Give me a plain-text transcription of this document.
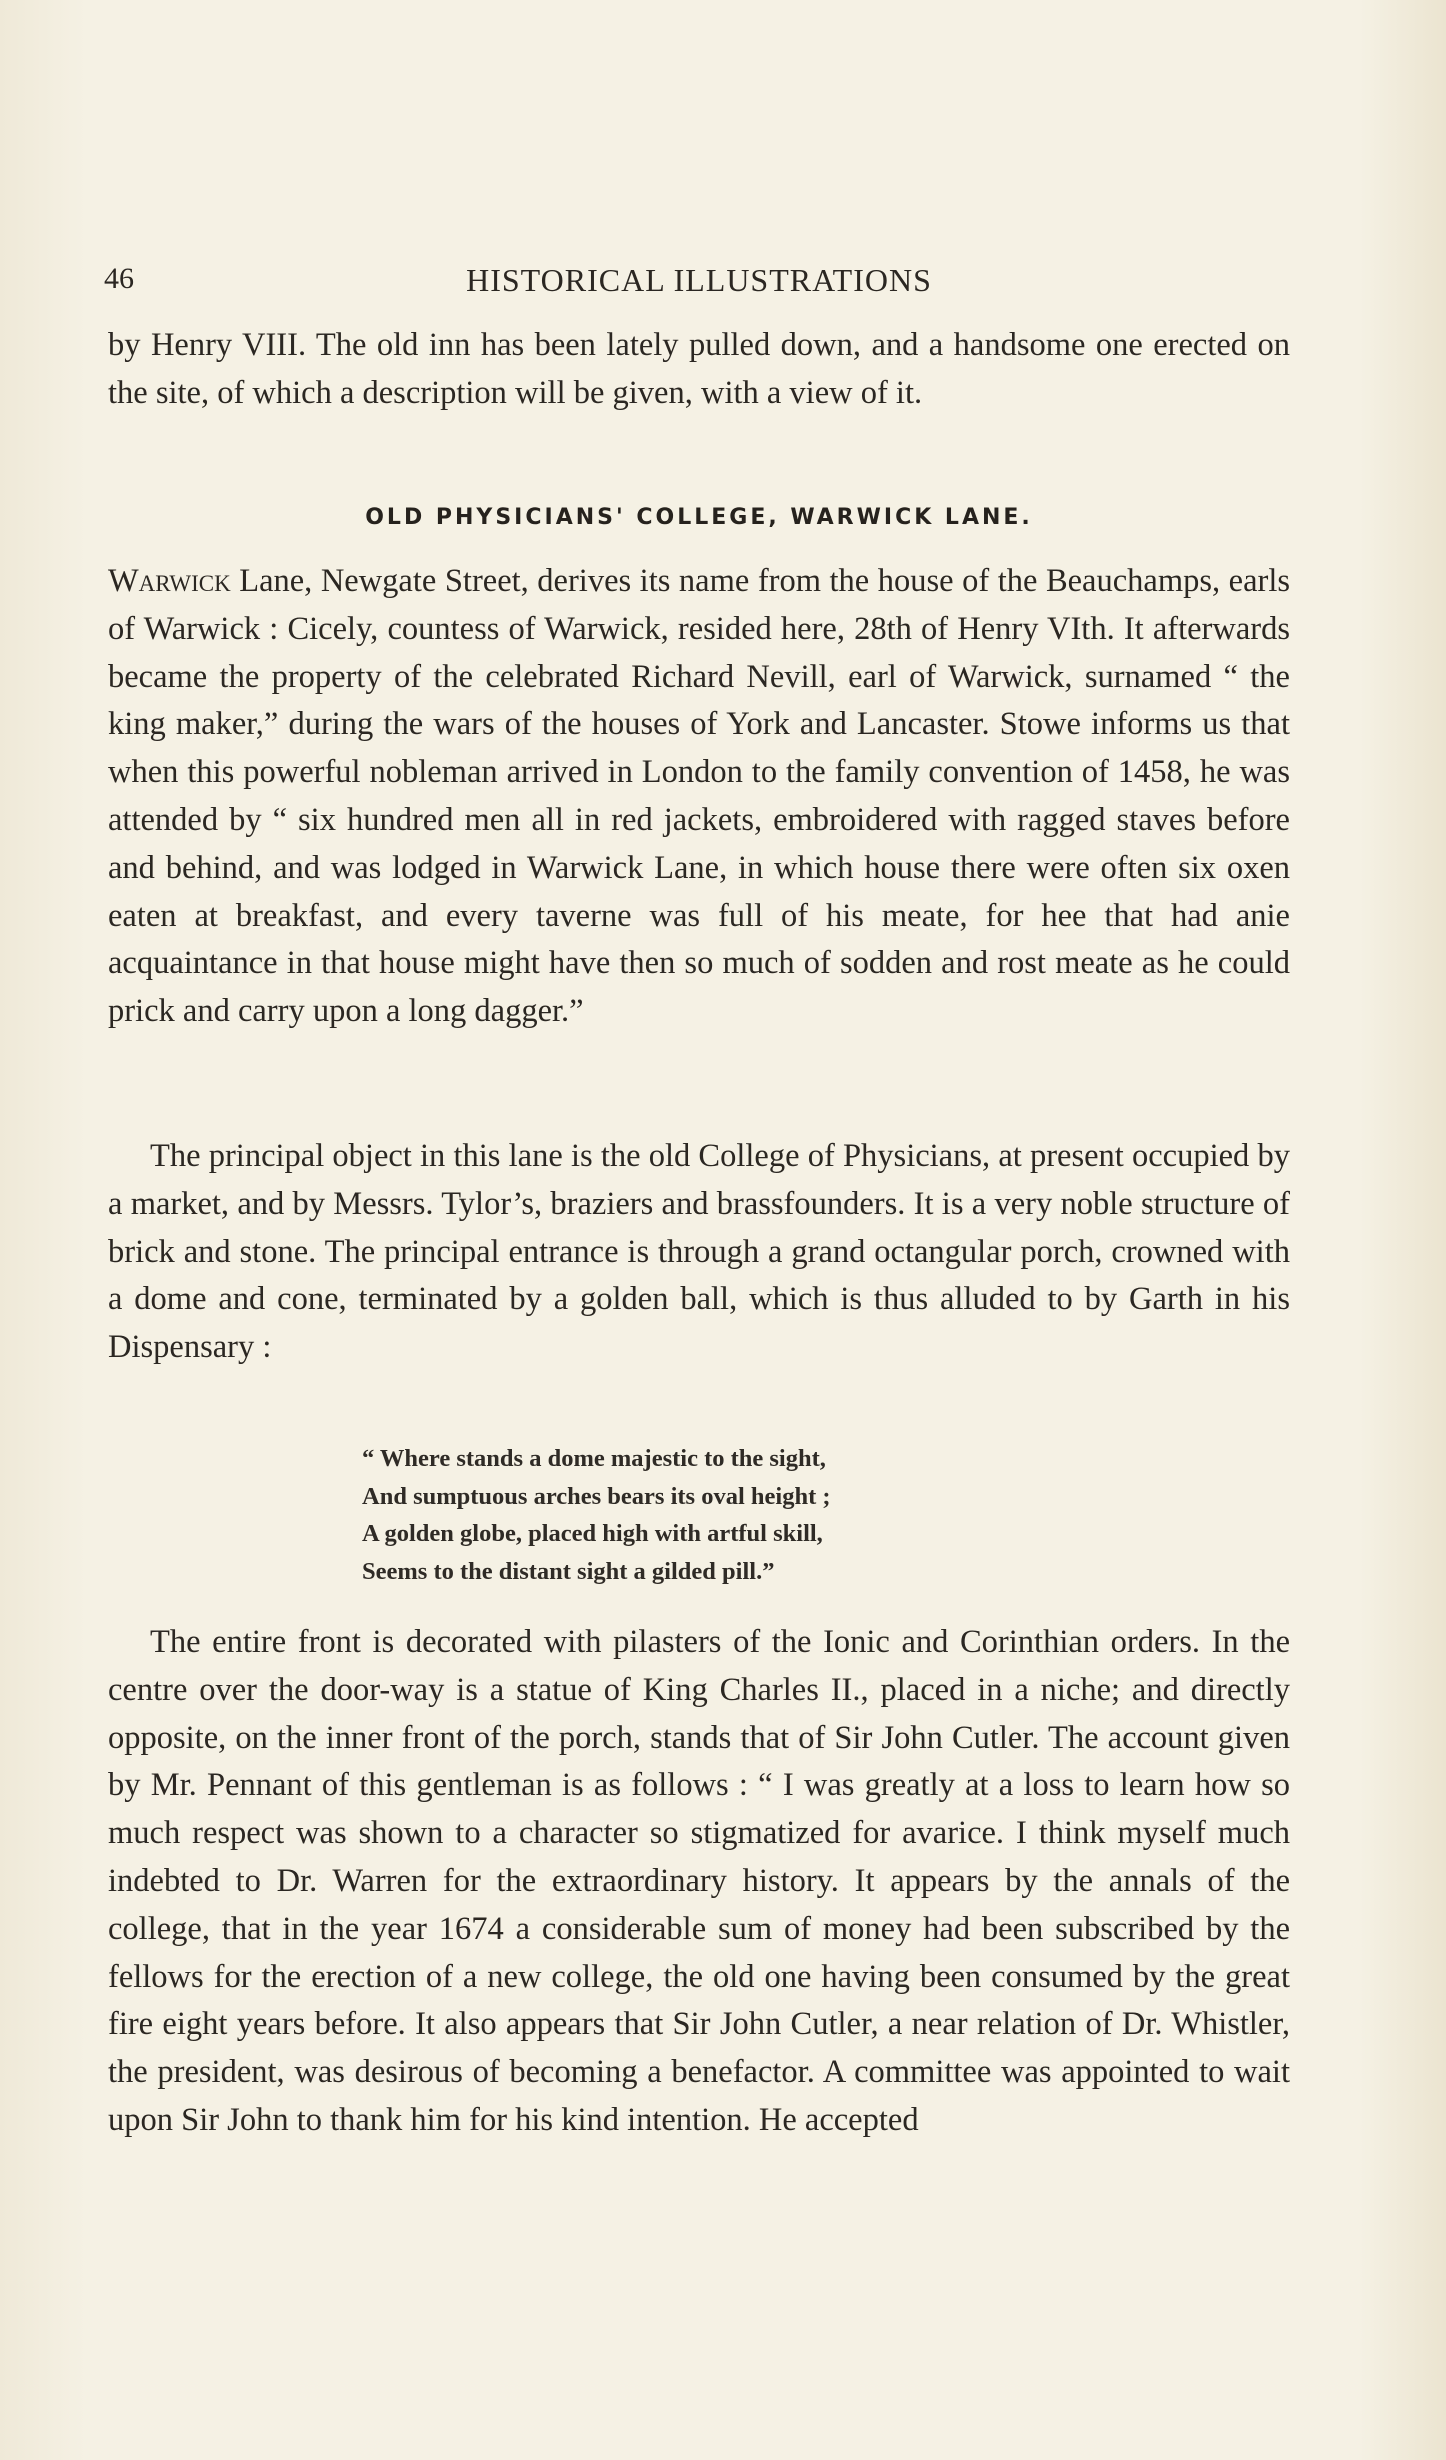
46	HISTORICAL ILLUSTRATIONS

by Henry VIII. The old inn has been lately pulled down, and a handsome one erected on the site, of which a description will be given, with a view of it.

OLD PHYSICIANS' COLLEGE, WARWICK LANE.

Warwick Lane, Newgate Street, derives its name from the house of the Beauchamps, earls of Warwick : Cicely, countess of Warwick, resided here, 28th of Henry VIth. It afterwards became the property of the celebrated Richard Nevill, earl of Warwick, surnamed “ the king maker,” during the wars of the houses of York and Lancaster. Stowe informs us that when this powerful nobleman arrived in London to the family convention of 1458, he was attended by “ six hundred men all in red jackets, embroidered with ragged staves before and behind, and was lodged in Warwick Lane, in which house there were often six oxen eaten at breakfast, and every taverne was full of his meate, for hee that had anie acquaintance in that house might have then so much of sodden and rost meate as he could prick and carry upon a long dagger.”

The principal object in this lane is the old College of Physicians, at present occupied by a market, and by Messrs. Tylor’s, braziers and brassfounders. It is a very noble structure of brick and stone. The principal entrance is through a grand octangular porch, crowned with a dome and cone, terminated by a golden ball, which is thus alluded to by Garth in his Dispensary :

“ Where stands a dome majestic to the sight,
And sumptuous arches bears its oval height ;
A golden globe, placed high with artful skill,
Seems to the distant sight a gilded pill.”

The entire front is decorated with pilasters of the Ionic and Corinthian orders. In the centre over the door-way is a statue of King Charles II., placed in a niche; and directly opposite, on the inner front of the porch, stands that of Sir John Cutler. The account given by Mr. Pennant of this gentleman is as follows : “ I was greatly at a loss to learn how so much respect was shown to a character so stigmatized for avarice. I think myself much indebted to Dr. Warren for the extraordinary history. It appears by the annals of the college, that in the year 1674 a considerable sum of money had been subscribed by the fellows for the erection of a new college, the old one having been consumed by the great fire eight years before. It also appears that Sir John Cutler, a near relation of Dr. Whistler, the president, was desirous of becoming a benefactor. A committee was appointed to wait upon Sir John to thank him for his kind intention. He accepted
